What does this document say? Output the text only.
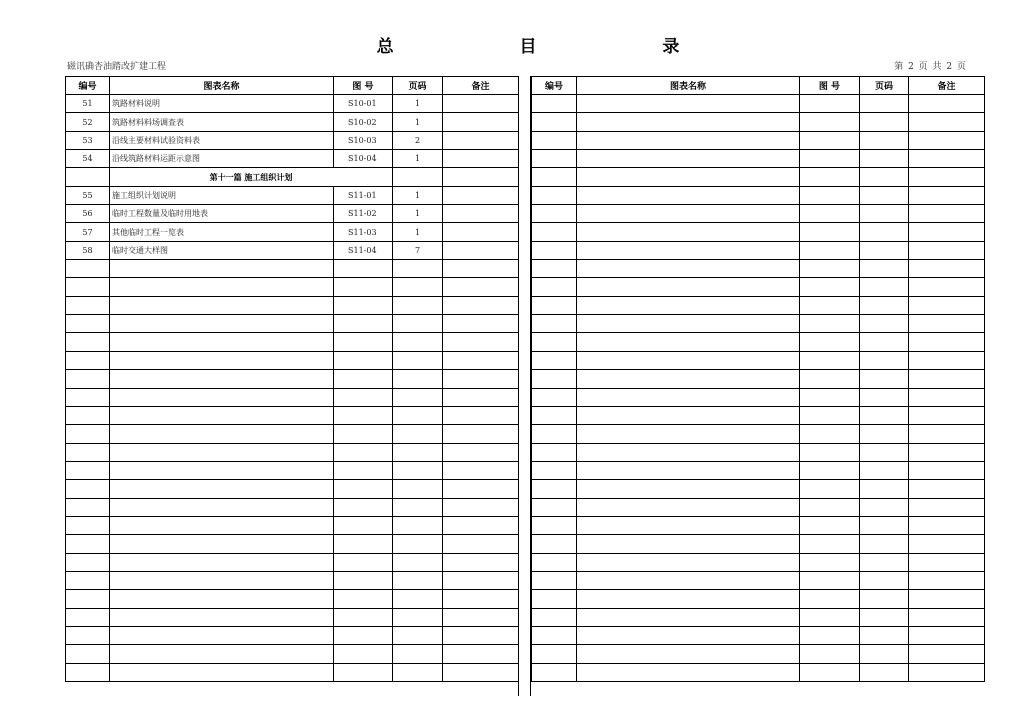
总 目 录
磁讯确杏油踏改扩建工程	第 2 页 共 2 页
编号	图表名称	图 号	页码	备注
51	筑路材料说明	S10-01	1	
52	筑路材料料场调查表	S10-02	1	
53	沿线主要材料试验资料表	S10-03	2	
54	沿线筑路材料运距示意图	S10-04	1	
	第十一篇 施工组织计划			
55	施工组织计划说明	S11-01	1	
56	临时工程数量及临时用地表	S11-02	1	
57	其他临时工程一览表	S11-03	1	
58	临时交通大样图	S11-04	7	

编号	图表名称	图 号	页码	备注
